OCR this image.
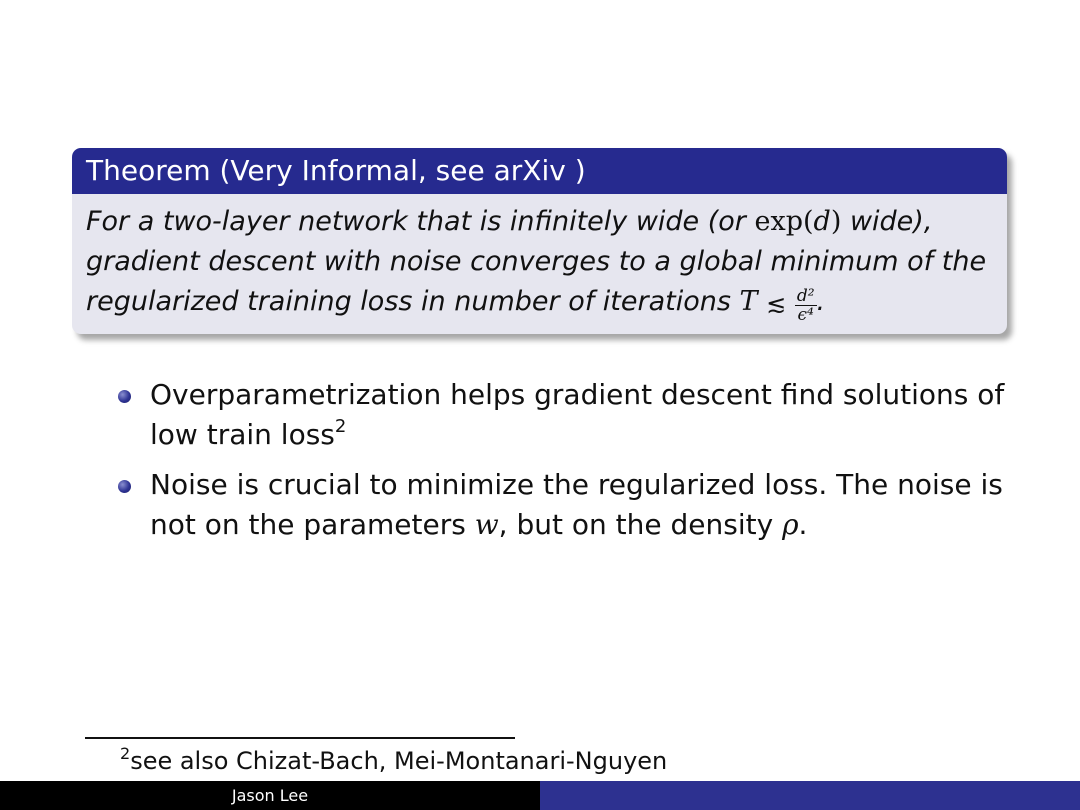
Theorem (Very Informal, see arXiv )
For a two-layer network that is infinitely wide (or exp(d) wide),
gradient descent with noise converges to a global minimum of the
regularized training loss in number of iterations T ≲ $\frac{\text{d²}}{\text{ϵ⁴}}$ .
Overparametrization helps gradient descent find solutions of low train loss$^2$
Noise is crucial to minimize the regularized loss. The noise is not on the parameters w, but on the density ρ.
$^2$see also Chizat-Bach, Mei-Montanari-Nguyen
Jason Lee
